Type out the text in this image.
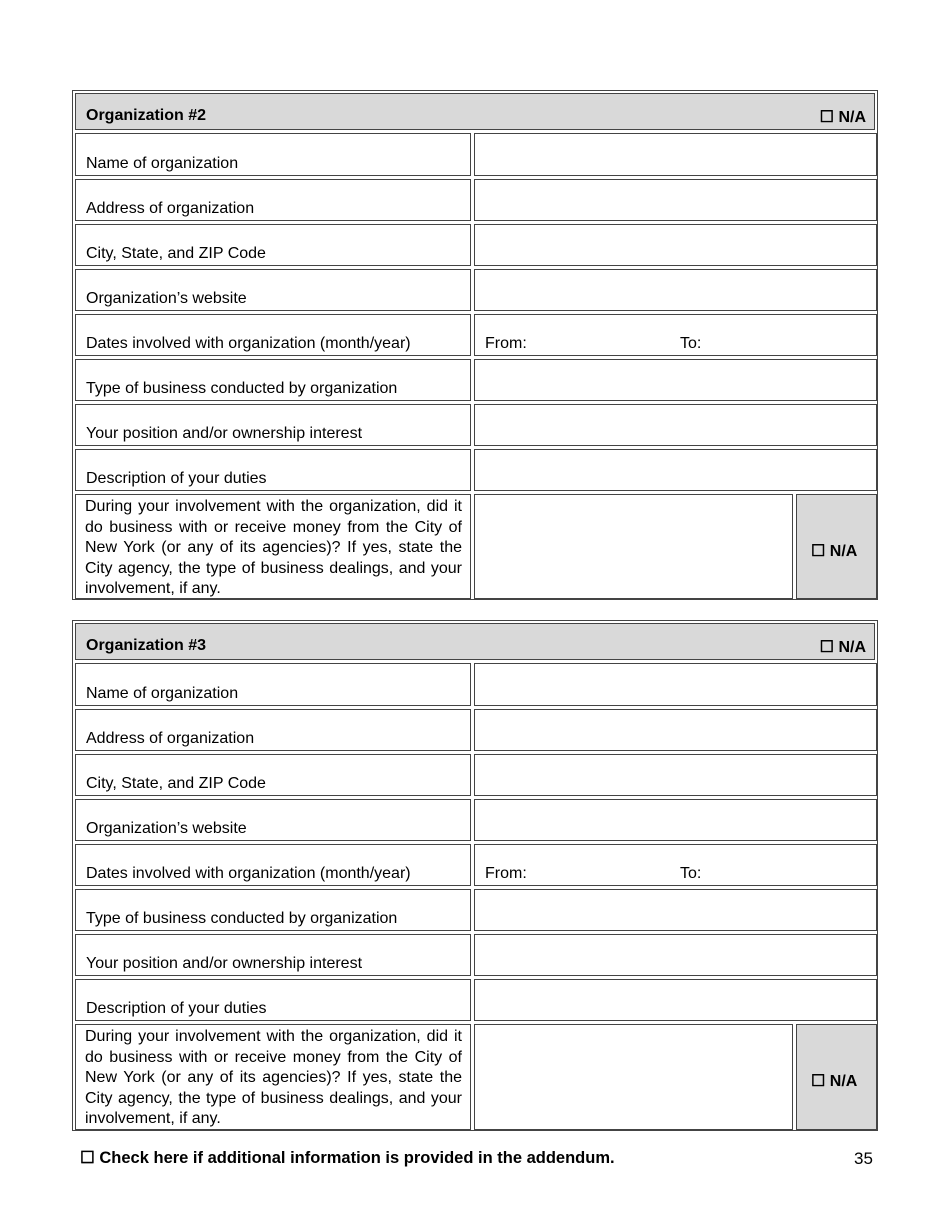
Organization #2	☐ N/A
Name of organization
Address of organization
City, State, and ZIP Code
Organization’s website
Dates involved with organization (month/year)	From:	To:
Type of business conducted by organization
Your position and/or ownership interest
Description of your duties
During your involvement with the organization, did it do business with or receive money from the City of New York (or any of its agencies)? If yes, state the City agency, the type of business dealings, and your involvement, if any.
☐ N/A
Organization #3	☐ N/A
Name of organization
Address of organization
City, State, and ZIP Code
Organization’s website
Dates involved with organization (month/year)	From:	To:
Type of business conducted by organization
Your position and/or ownership interest
Description of your duties
During your involvement with the organization, did it do business with or receive money from the City of New York (or any of its agencies)? If yes, state the City agency, the type of business dealings, and your involvement, if any.
☐ N/A
☐ Check here if additional information is provided in the addendum.	35
